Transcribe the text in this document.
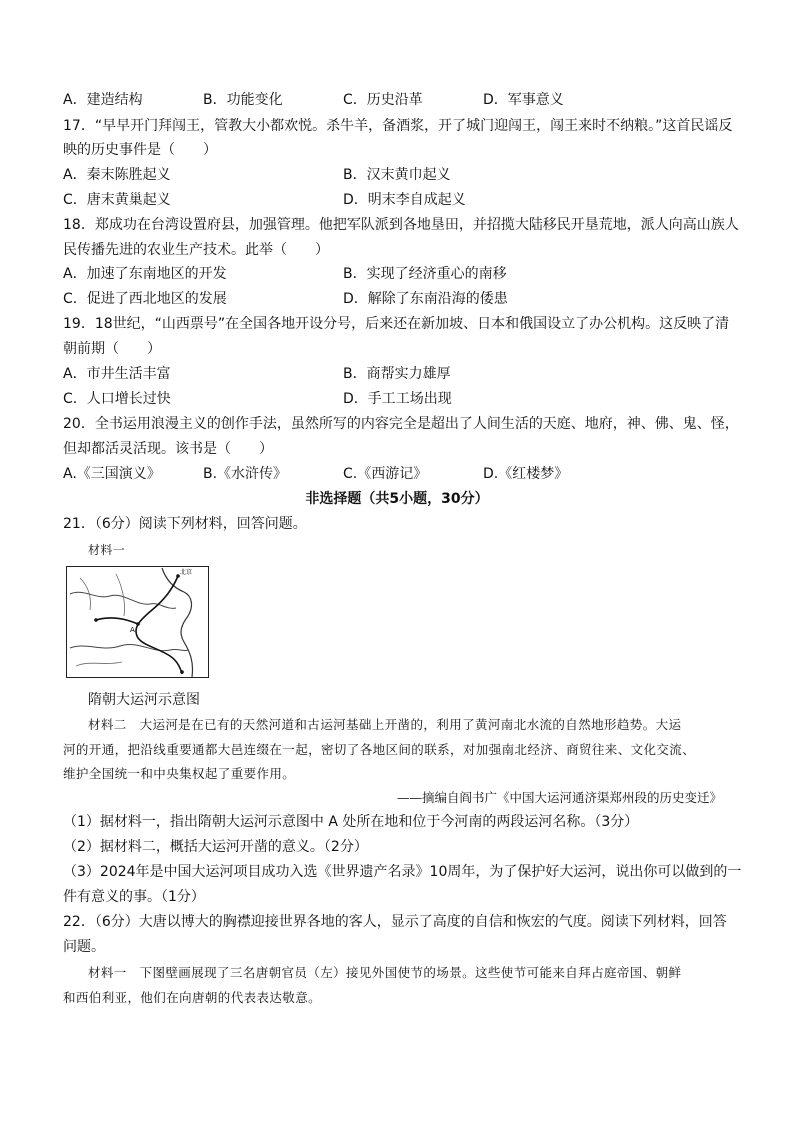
A．建造结构	B．功能变化	C．历史沿革	D．军事意义
17．“早早开门拜闯王，管教大小都欢悦。杀牛羊，备酒浆，开了城门迎闯王，闯王来时不纳粮。”这首民谣反
映的历史事件是（　　）
A．秦末陈胜起义	B．汉末黄巾起义
C．唐末黄巢起义	D．明末李自成起义
18．郑成功在台湾设置府县，加强管理。他把军队派到各地垦田，并招揽大陆移民开垦荒地，派人向高山族人
民传播先进的农业生产技术。此举（　　）
A．加速了东南地区的开发	B．实现了经济重心的南移
C．促进了西北地区的发展	D．解除了东南沿海的倭患
19．18世纪，“山西票号”在全国各地开设分号，后来还在新加坡、日本和俄国设立了办公机构。这反映了清
朝前期（　　）
A．市井生活丰富	B．商帮实力雄厚
C．人口增长过快	D．手工工场出现
20．全书运用浪漫主义的创作手法，虽然所写的内容完全是超出了人间生活的天庭、地府，神、佛、鬼、怪，
但却都活灵活现。该书是（　　）
A.《三国演义》	B.《水浒传》	C.《西游记》	D.《红楼梦》
非选择题（共5小题，30分）
21．（6分）阅读下列材料，回答问题。
材料一
A
北京
隋朝大运河示意图
材料二　大运河是在已有的天然河道和古运河基础上开凿的，利用了黄河南北水流的自然地形趋势。大运
河的开通，把沿线重要通都大邑连缀在一起，密切了各地区间的联系，对加强南北经济、商贸往来、文化交流、
维护全国统一和中央集权起了重要作用。
——摘编自阎书广《中国大运河通济渠郑州段的历史变迁》
（1）据材料一，指出隋朝大运河示意图中 A 处所在地和位于今河南的两段运河名称。（3分）
（2）据材料二，概括大运河开凿的意义。（2分）
（3）2024年是中国大运河项目成功入选《世界遗产名录》10周年，为了保护好大运河，说出你可以做到的一
件有意义的事。（1分）
22．（6分）大唐以博大的胸襟迎接世界各地的客人，显示了高度的自信和恢宏的气度。阅读下列材料，回答
问题。
材料一　下图壁画展现了三名唐朝官员（左）接见外国使节的场景。这些使节可能来自拜占庭帝国、朝鲜
和西伯利亚，他们在向唐朝的代表表达敬意。
